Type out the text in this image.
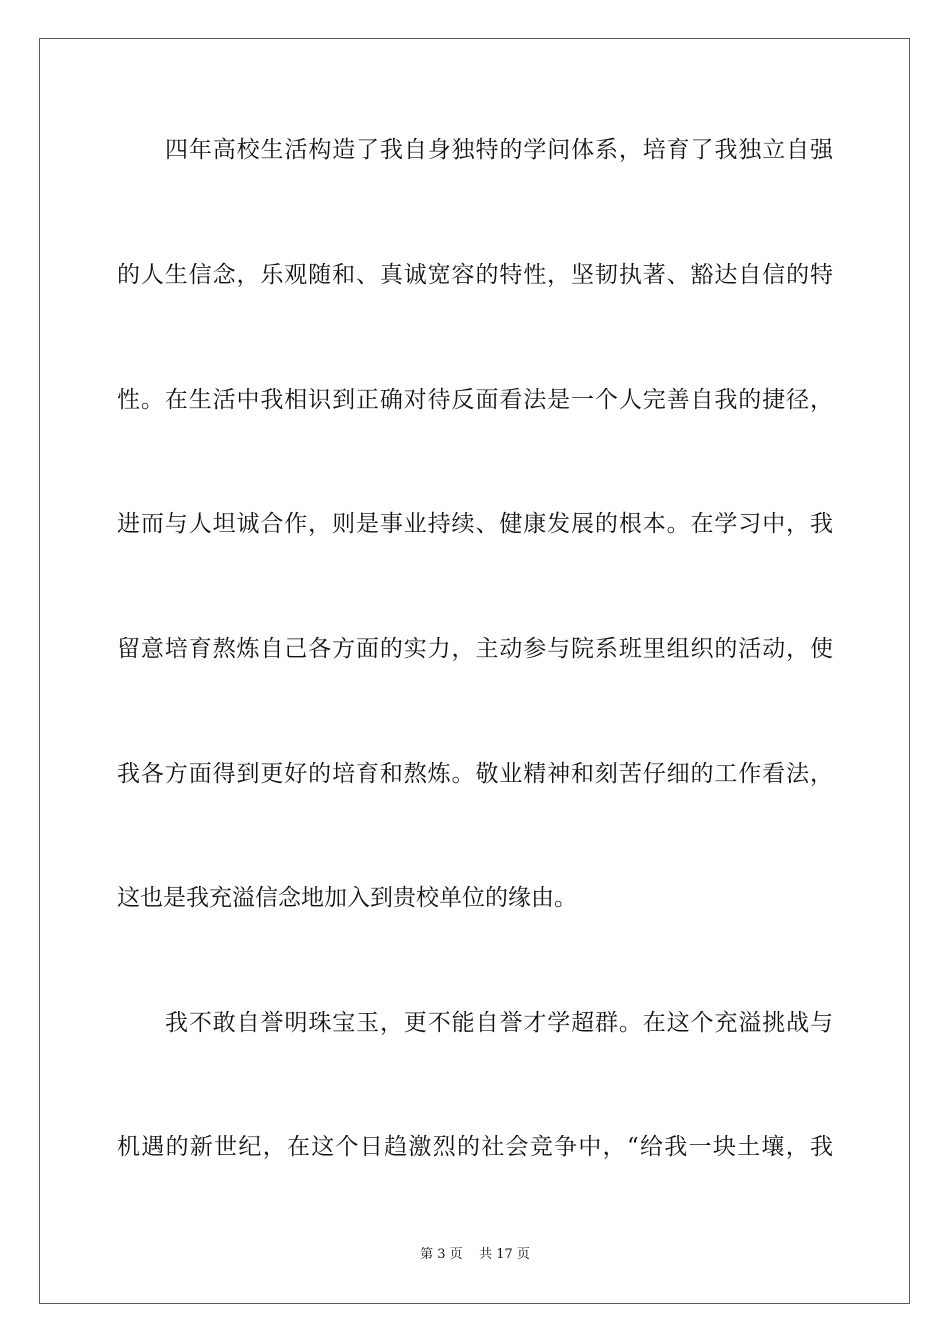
四年高校生活构造了我自身独特的学问体系，培育了我独立自强

的人生信念，乐观随和、真诚宽容的特性，坚韧执著、豁达自信的特

性。在生活中我相识到正确对待反面看法是一个人完善自我的捷径，

进而与人坦诚合作，则是事业持续、健康发展的根本。在学习中，我

留意培育熬炼自己各方面的实力，主动参与院系班里组织的活动，使

我各方面得到更好的培育和熬炼。敬业精神和刻苦仔细的工作看法，

这也是我充溢信念地加入到贵校单位的缘由。

我不敢自誉明珠宝玉，更不能自誉才学超群。在这个充溢挑战与

机遇的新世纪，在这个日趋激烈的社会竞争中，“给我一块土壤，我

第 3 页    共 17 页
